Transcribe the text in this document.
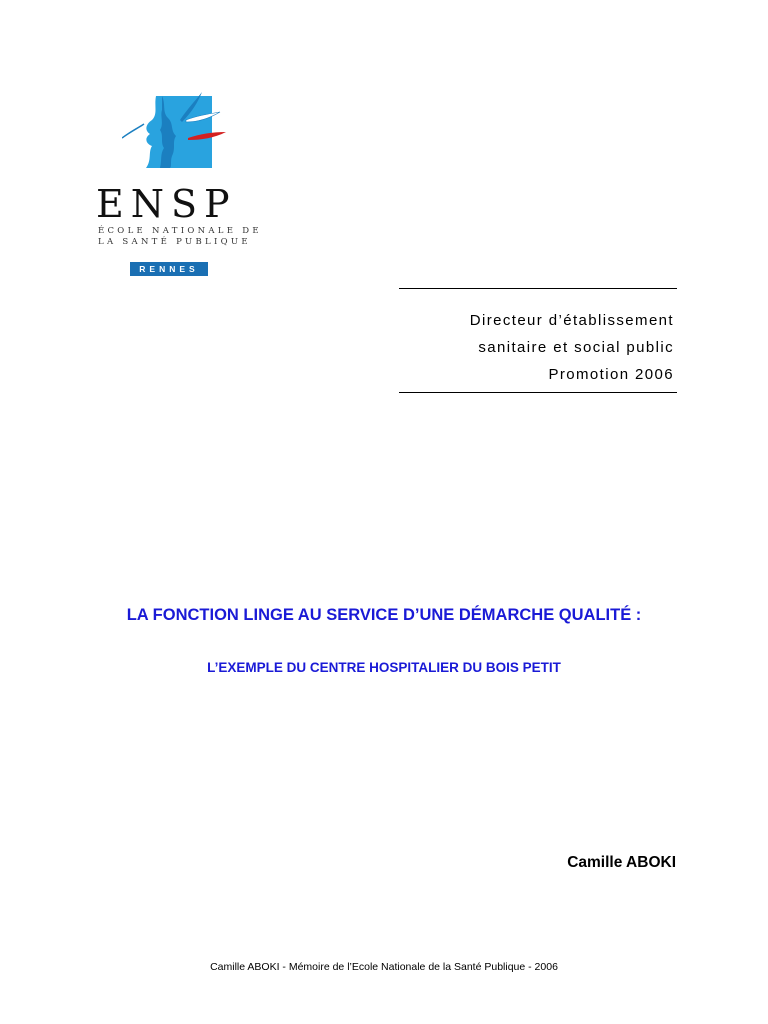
ENSP
ÉCOLE NATIONALE DE
LA SANTÉ PUBLIQUE
RENNES
Directeur d’établissement
sanitaire et social public
Promotion 2006
LA FONCTION LINGE AU SERVICE D’UNE DÉMARCHE QUALITÉ :
L’EXEMPLE DU CENTRE HOSPITALIER DU BOIS PETIT
Camille ABOKI
Camille ABOKI - Mémoire de l’Ecole Nationale de la Santé Publique - 2006
